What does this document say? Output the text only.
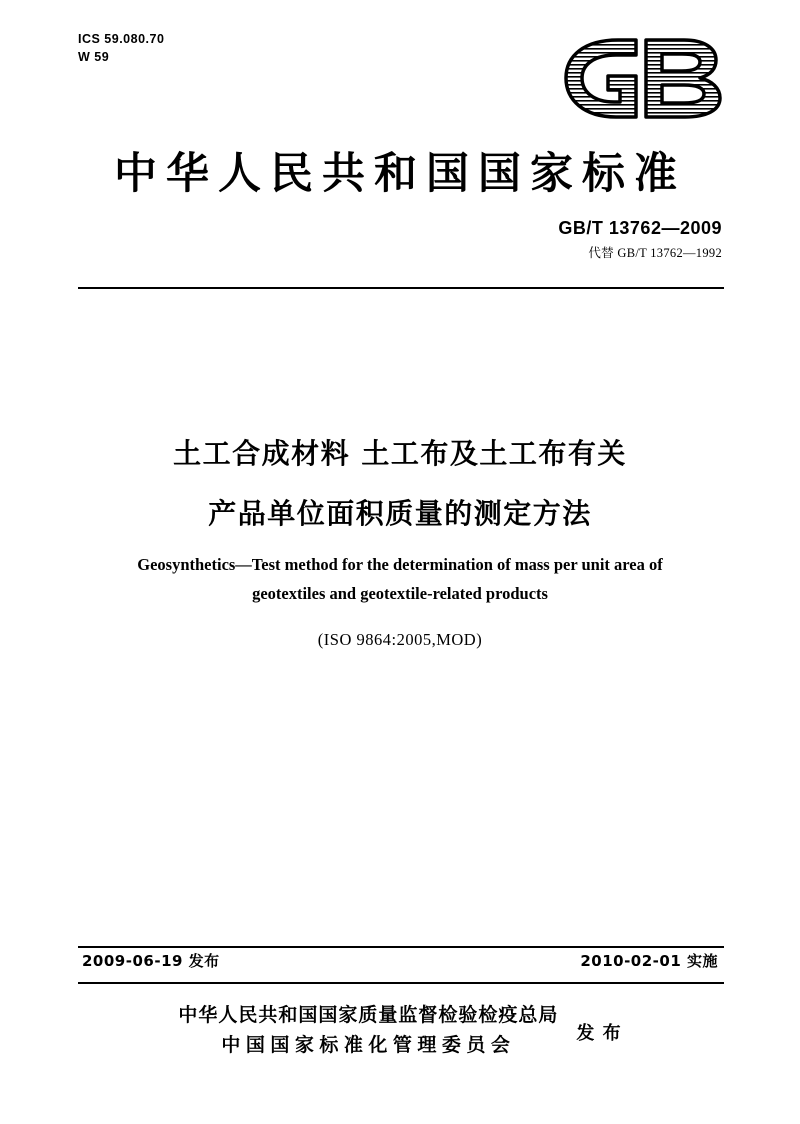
ICS 59.080.70
W 59
中华人民共和国国家标准
GB/T 13762—2009
代替 GB/T 13762—1992
土工合成材料 土工布及土工布有关
产品单位面积质量的测定方法
Geosynthetics—Test method for the determination of mass per unit area of
geotextiles and geotextile-related products
(ISO 9864:2005,MOD)
2009-06-19 发布	2010-02-01 实施
中华人民共和国国家质量监督检验检疫总局
中国国家标准化管理委员会
发 布
